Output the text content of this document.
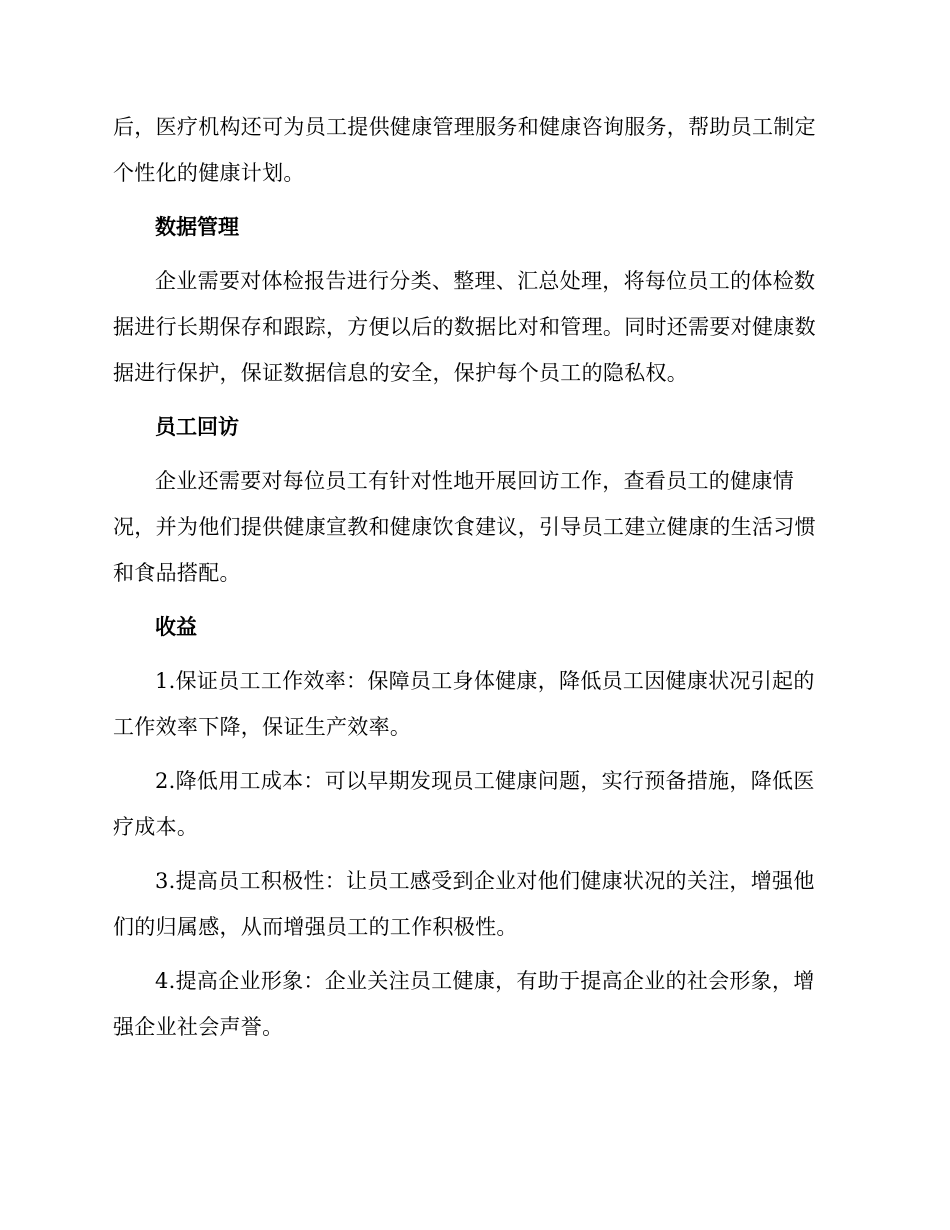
后，医疗机构还可为员工提供健康管理服务和健康咨询服务，帮助员工制定
个性化的健康计划。

数据管理

企业需要对体检报告进行分类、整理、汇总处理，将每位员工的体检数
据进行长期保存和跟踪，方便以后的数据比对和管理。同时还需要对健康数
据进行保护，保证数据信息的安全，保护每个员工的隐私权。

员工回访

企业还需要对每位员工有针对性地开展回访工作，查看员工的健康情
况，并为他们提供健康宣教和健康饮食建议，引导员工建立健康的生活习惯
和食品搭配。

收益

1.保证员工工作效率：保障员工身体健康，降低员工因健康状况引起的
工作效率下降，保证生产效率。

2.降低用工成本：可以早期发现员工健康问题，实行预备措施，降低医
疗成本。

3.提高员工积极性：让员工感受到企业对他们健康状况的关注，增强他
们的归属感，从而增强员工的工作积极性。

4.提高企业形象：企业关注员工健康，有助于提高企业的社会形象，增
强企业社会声誉。
